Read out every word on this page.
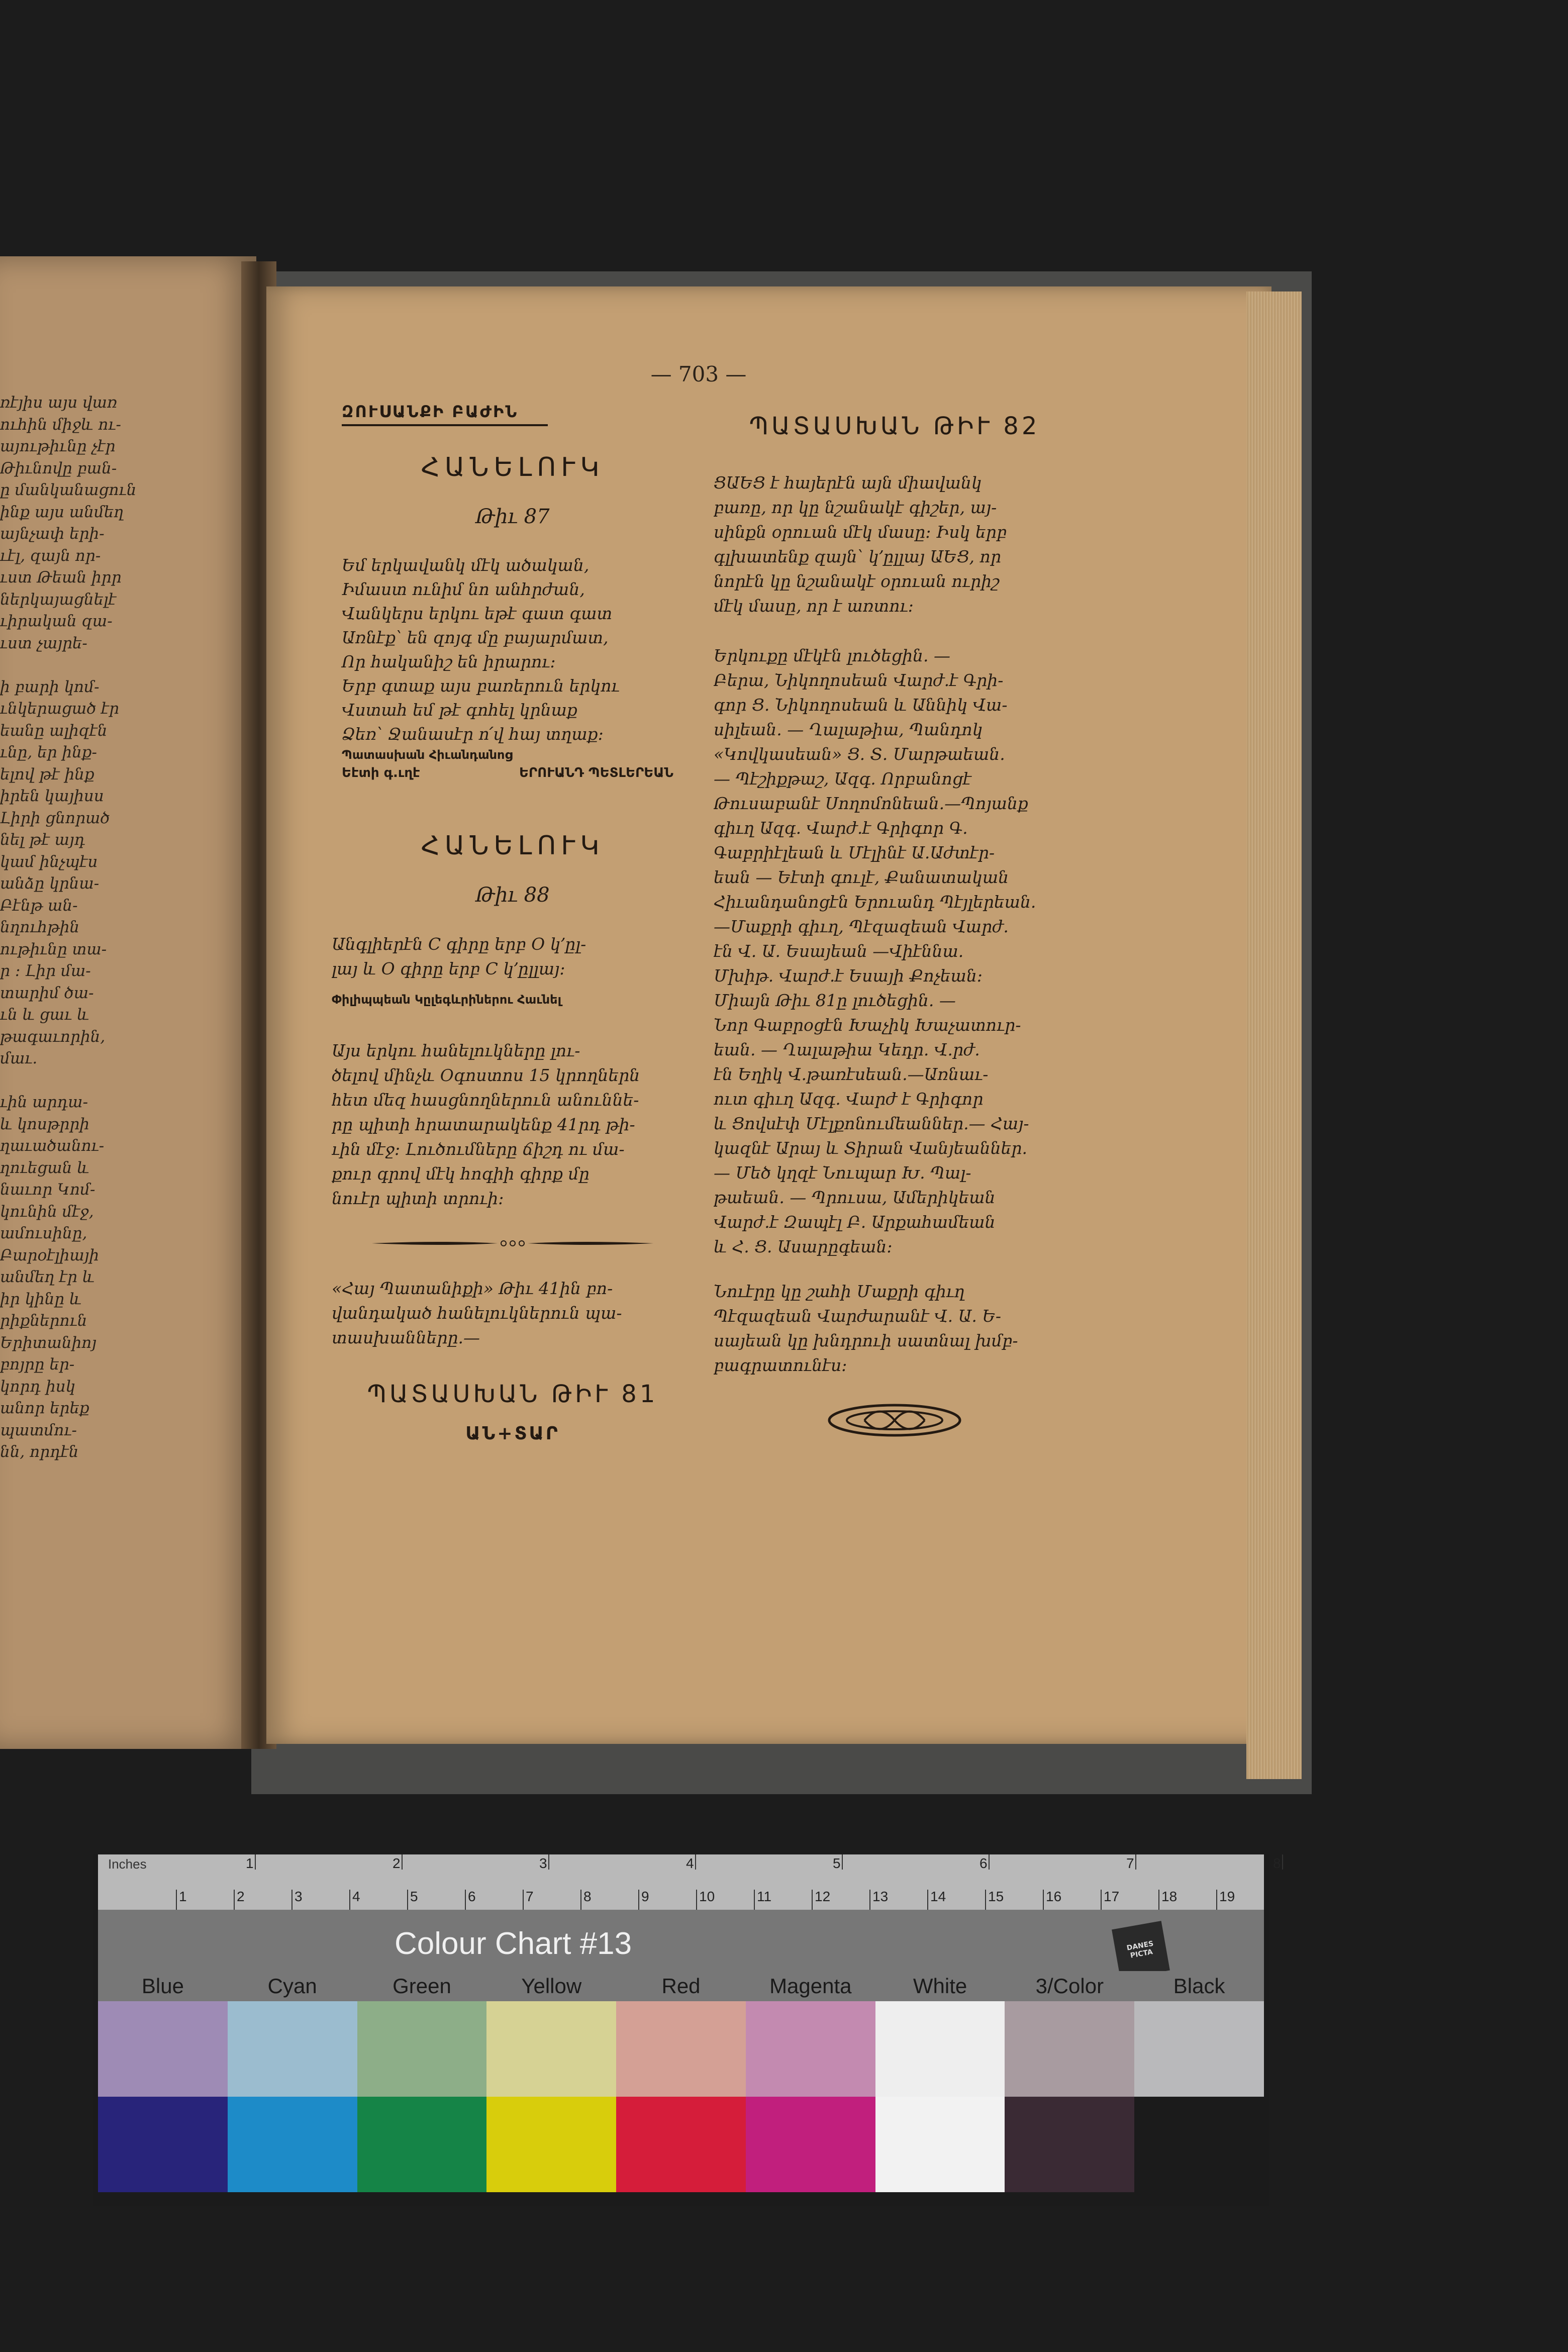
ռէյիս այս վառ
ուհին միջև ու-
այութիւնը չէր
Թիւնովը բան-
ը մանկանացուն
ինք այս անմեղ
այնչափ երի-
ւէլ, զայն որ-
ւստ Թեան իրր
ներկայացնելէ
ւիրական զա-
ւստ չայրե-
ի բարի կոմ-
ւնկերացած էր
եանը ալիզէն
ւնը, եր ինք-
ելով թէ ինք
իրեն կայիսս
Լիրի ցնորած
նել թէ այդ
կամ ինչպէս
անձը կրնա-
Բէնթ ան-
նղուհթին
ութիւնը տա-
ր ։ Լիր մա-
տարիմ ծա-
ւն և ցաւ և
թագաւորին,
մաւ.
ւին արդա-
և կոսթրրի
ղաւածանու-
ղուեցան և
նաւոր Կոմ-
կունին մէջ,
ամուսինը,
Բարօէլիայի
անմեղ էր և
իր կինը և
րիքներուն
Երիտանիոյ
բոյրը եր-
կորդ իսկ
անոր երեք
պատմու-
նն, որդէն
— 703 —
ԶՈՒՍԱՆՔԻ ԲԱԺԻՆ
ՀԱՆԵԼՈՒԿ
Թիւ 87
Եմ երկավանկ մէկ ածական,
Իմաստ ունիմ նո անհրժան,
Վանկերս երկու եթէ գատ գատ
Առնէք՝ են զոյգ մը բայարմատ,
Որ հականիշ են իրարու։
Երբ գտաք այս բառերուն երկու
Վստահ եմ թէ գոհել կրնաք
Ձեռ՝ Ջանասէր ո՛վ հայ տղաք։
Պատասխան Հիւանդանոց
Եէտի գ.ւղէ	ԵՐՈՒԱՆԴ ՊԵՏԼԵՐԵԱՆ
ՀԱՆԵԼՈՒԿ
Թիւ 88
Անգլիերէն C գիրը երբ O կ՚ըլ-
լայ և O գիրը երբ C կ՚ըլլայ։
Փիլիպպեան Կըլեգևրիներու Հաւնել
Այս երկու հանելուկները լու-
ծելով մինչև Օգոստոս 15 կրողներն
հետ մեզ հասցնողներուն անուննե-
րը պիտի հրատարակենք 41րդ թի-
ւին մէջ։ Լուծումները ճիշդ ու մա-
քուր գրով մէկ հոգիի գիրք մը
նուէր պիտի տրուի։
«Հայ Պատանիքի» Թիւ 41ին բո-
վանդակած հանելուկներուն պա-
տասխանները.—
ՊԱՏԱՍԽԱՆ ԹԻՒ 81
ԱՆ+ՏԱՐ
ՊԱՏԱՍԽԱՆ ԹԻՒ 82
ՑԱԵՑ է հայերէն այն միավանկ
բառը, որ կը նշանակէ գիշեր, այ-
սինքն օրուան մէկ մասը։ Իսկ երբ
գլխատենք զայն՝ կ՚ըլլայ ԱԵՑ, որ
նորէն կը նշանակէ օրուան ուրիշ
մէկ մասը, որ է առտու։
Երկուքը մէկէն լուծեցին. —
Բերա, Նիկողոսեան Վարժ.է Գրի-
գոր Ց. Նիկողոսեան և Աննիկ Վա-
սիլեան. — Ղալաթիա, Պանդոկ
«Կովկասեան» Ց. Տ. Մարթաեան.
— Պէշիքթաշ, Ազգ. Որբանոցէ
Թուսաբանէ Սողոմոնեան.—Պոյանք
գիւղ Ազգ. Վարժ.է Գրիգոր Գ.
Գաբրիէլեան և Մէլինէ Ա.Աժտէր-
եան — Եէտի գուլէ, Քանատական
Հիւանդանոցէն Երուանդ Պէյլերեան.
—Մաքրի գիւղ, Պէզազեան Վարժ.
էն Վ. Ա. Եսայեան —Վիէննա.
Մխիթ. Վարժ.է Եսայի Քոչեան։
Միայն Թիւ 81ը լուծեցին. —
Նոր Գաբրօցէն Խաչիկ Խաչատուր-
եան. — Ղալաթիա Կեդր. Վ.րժ.
էն Եղիկ Վ.թառէսեան.—Առնաւ-
ուտ գիւղ Ազգ. Վարժ է Գրիգոր
և Ցովսէփ Մէլքոնումեաններ.— Հայ-
կազնէ Արայ և Տիրան Վանյեաններ.
— Մեծ կղզէ Նուպար Խ. Պալ-
թաեան. — Պրուսա, Ամերիկեան
Վարժ.է Զապէլ Բ. Արքահամեան
և Հ. Ց. Ասարըգեան։
Նուէրը կը շահի Մաքրի գիւղ
Պէզազեան Վարժարանէ Վ. Ա. Ե-
սայեան կը խնդրուի սատնալ խմբ-
բագրատունէս։
Inches	1	2	3	4	5	6	7	8
1	2	3	4	5	6	7	8	9	10	11	12	13	14	15	16	17	18	19
Colour Chart #13	DANES PICTA
Blue	Cyan	Green	Yellow	Red	Magenta	White	3/Color	Black
